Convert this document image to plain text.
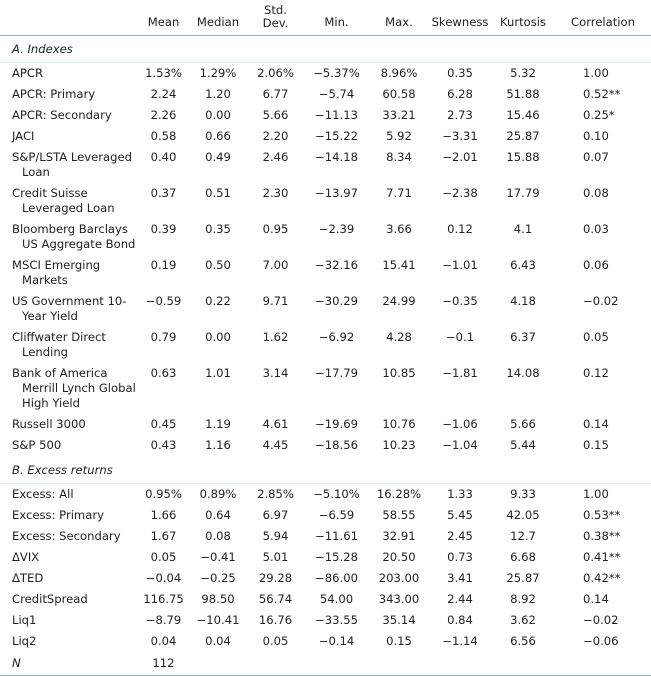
	Mean	Median	Std. Dev.	Min.	Max.	Skewness	Kurtosis	Correlation
A. Indexes								

APCR	1.53%	1.29%	2.06%	−5.37%	8.96%	0.35	5.32	1.00

APCR: Primary	2.24	1.20	6.77	−5.74	60.58	6.28	51.88	0.52**

APCR: Secondary	2.26	0.00	5.66	−11.13	33.21	2.73	15.46	0.25*

JACI	0.58	0.66	2.20	−15.22	5.92	−3.31	25.87	0.10

S&P/LSTA Leveraged Loan	0.40	0.49	2.46	−14.18	8.34	−2.01	15.88	0.07

Credit Suisse Leveraged Loan	0.37	0.51	2.30	−13.97	7.71	−2.38	17.79	0.08

Bloomberg Barclays US Aggregate Bond	0.39	0.35	0.95	−2.39	3.66	0.12	4.1	0.03

MSCI Emerging Markets	0.19	0.50	7.00	−32.16	15.41	−1.01	6.43	0.06

US Government 10-Year Yield	−0.59	0.22	9.71	−30.29	24.99	−0.35	4.18	−0.02

Cliffwater Direct Lending	0.79	0.00	1.62	−6.92	4.28	−0.1	6.37	0.05

Bank of America Merrill Lynch Global High Yield	0.63	1.01	3.14	−17.79	10.85	−1.81	14.08	0.12

Russell 3000	0.45	1.19	4.61	−19.69	10.76	−1.06	5.66	0.14

S&P 500	0.43	1.16	4.45	−18.56	10.23	−1.04	5.44	0.15
B. Excess returns								

Excess: All	0.95%	0.89%	2.85%	−5.10%	16.28%	1.33	9.33	1.00

Excess: Primary	1.66	0.64	6.97	−6.59	58.55	5.45	42.05	0.53**

Excess: Secondary	1.67	0.08	5.94	−11.61	32.91	2.45	12.7	0.38**

ΔVIX	0.05	−0.41	5.01	−15.28	20.50	0.73	6.68	0.41**

ΔTED	−0.04	−0.25	29.28	−86.00	203.00	3.41	25.87	0.42**

CreditSpread	116.75	98.50	56.74	54.00	343.00	2.44	8.92	0.14

Liq1	−8.79	−10.41	16.76	−33.55	35.14	0.84	3.62	−0.02

Liq2	0.04	0.04	0.05	−0.14	0.15	−1.14	6.56	−0.06
N	112							
